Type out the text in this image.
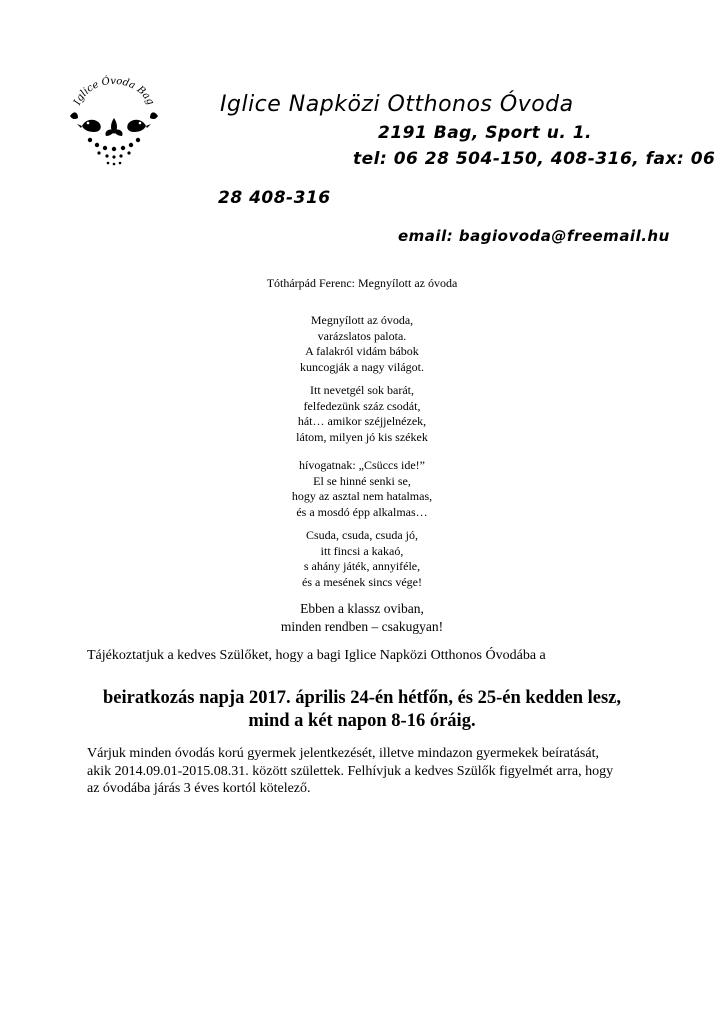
Iglice Óvoda Bag	Iglice Napközi Otthonos Óvoda
2191 Bag, Sport u. 1.
tel: 06 28 504-150, 408-316, fax: 06
28 408-316
email: bagiovoda@freemail.hu
Tóthárpád Ferenc: Megnyílott az óvoda
Megnyílott az óvoda,
varázslatos palota.
A falakról vidám bábok
kuncogják a nagy világot.
Itt nevetgél sok barát,
felfedezünk száz csodát,
hát… amikor széjjelnézek,
látom, milyen jó kis székek
hívogatnak: „Csüccs ide!”
El se hinné senki se,
hogy az asztal nem hatalmas,
és a mosdó épp alkalmas…
Csuda, csuda, csuda jó,
itt fincsi a kakaó,
s ahány játék, annyiféle,
és a mesének sincs vége!
Ebben a klassz oviban,
minden rendben – csakugyan!
Tájékoztatjuk a kedves Szülőket, hogy a bagi Iglice Napközi Otthonos Óvodába a
beiratkozás napja 2017. április 24-én hétfőn, és 25-én kedden lesz,
mind a két napon 8-16 óráig.
Várjuk minden óvodás korú gyermek jelentkezését, illetve mindazon gyermekek beíratását,
akik 2014.09.01-2015.08.31. között születtek. Felhívjuk a kedves Szülők figyelmét arra, hogy
az óvodába járás 3 éves kortól kötelező.
